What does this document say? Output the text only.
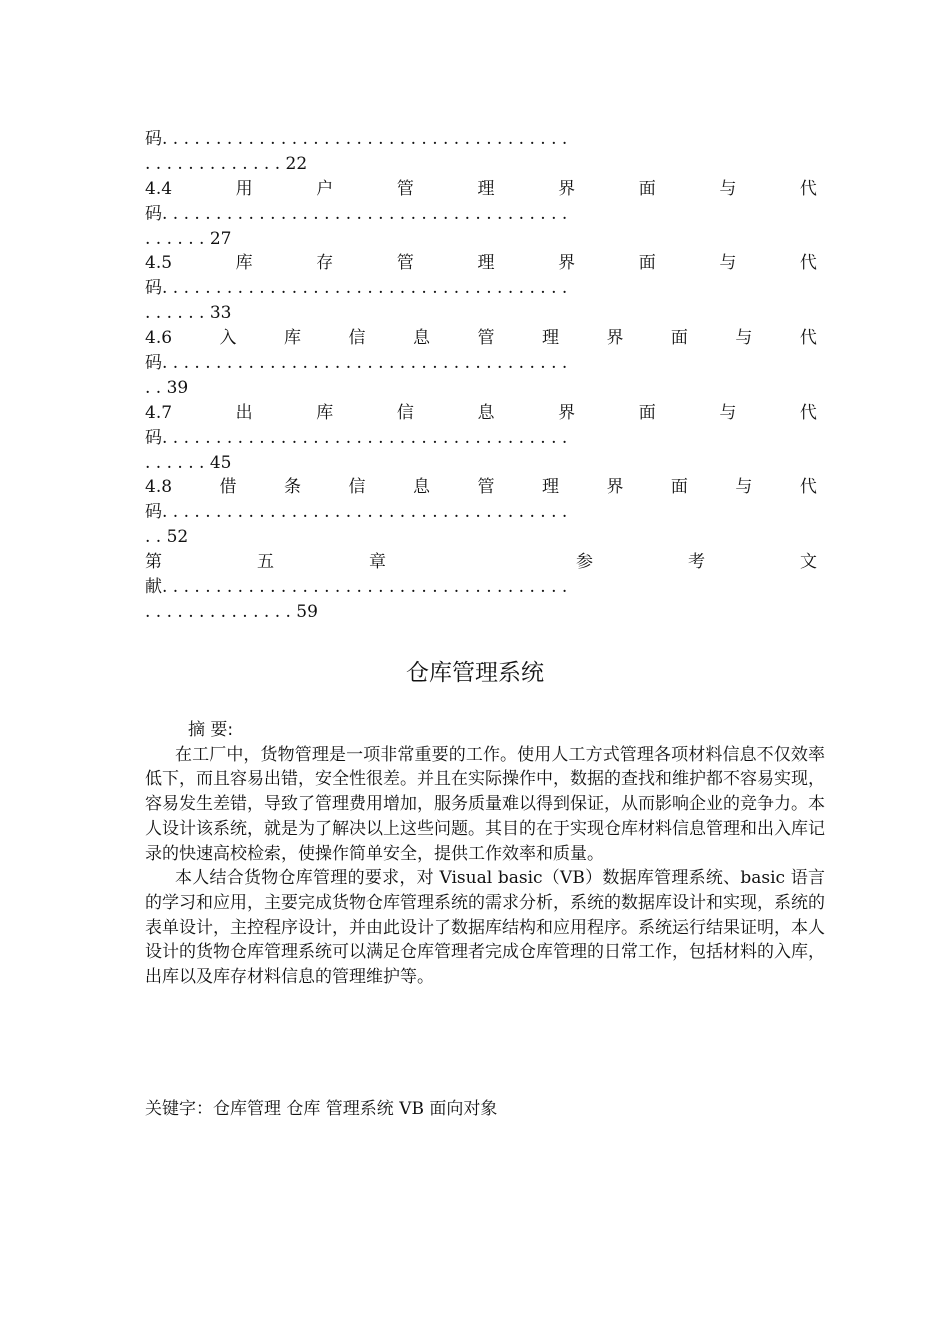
码. . . . . . . . . . . . . . . . . . . . . . . . . . . . . . . . . . . . . .
. . . . . . . . . . . . . 22
4.4	用	户	管	理	界	面	与	代
码. . . . . . . . . . . . . . . . . . . . . . . . . . . . . . . . . . . . . .
. . . . . . 27
4.5	库	存	管	理	界	面	与	代
码. . . . . . . . . . . . . . . . . . . . . . . . . . . . . . . . . . . . . .
. . . . . . 33
4.6	入	库	信	息	管	理	界	面	与	代
码. . . . . . . . . . . . . . . . . . . . . . . . . . . . . . . . . . . . . .
. . 39
4.7	出	库	信	息	界	面	与	代
码. . . . . . . . . . . . . . . . . . . . . . . . . . . . . . . . . . . . . .
. . . . . . 45
4.8	借	条	信	息	管	理	界	面	与	代
码. . . . . . . . . . . . . . . . . . . . . . . . . . . . . . . . . . . . . .
. . 52
第	五	章	参	考	文
献. . . . . . . . . . . . . . . . . . . . . . . . . . . . . . . . . . . . . .
. . . . . . . . . . . . . . 59
仓库管理系统
摘 要:

在工厂中，货物管理是一项非常重要的工作。使用人工方式管理各项材料信息不仅效率低下，而且容易出错，安全性很差。并且在实际操作中，数据的查找和维护都不容易实现，容易发生差错，导致了管理费用增加，服务质量难以得到保证，从而影响企业的竞争力。本人设计该系统，就是为了解决以上这些问题。其目的在于实现仓库材料信息管理和出入库记录的快速高校检索，使操作简单安全，提供工作效率和质量。

本人结合货物仓库管理的要求，对 Visual basic（VB）数据库管理系统、basic 语言的学习和应用，主要完成货物仓库管理系统的需求分析，系统的数据库设计和实现，系统的表单设计，主控程序设计，并由此设计了数据库结构和应用程序。系统运行结果证明，本人设计的货物仓库管理系统可以满足仓库管理者完成仓库管理的日常工作，包括材料的入库，出库以及库存材料信息的管理维护等。

关键字：仓库管理 仓库 管理系统 VB 面向对象
